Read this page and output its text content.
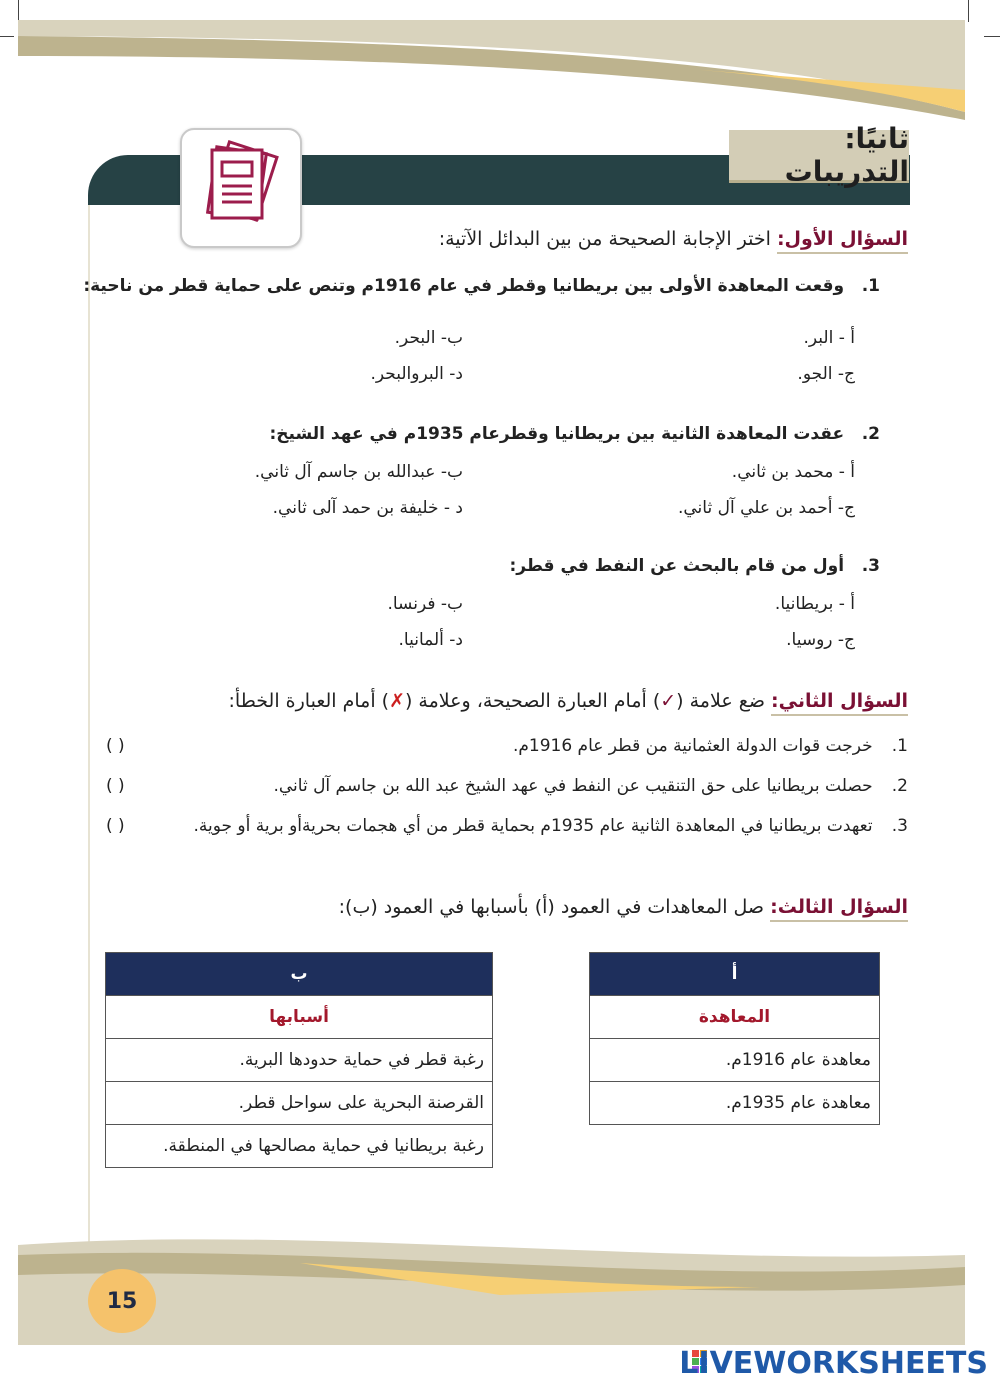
ثانيًا: التدريبات
السؤال الأول: اختر الإجابة الصحيحة من بين البدائل الآتية:
1. وقعت المعاهدة الأولى بين بريطانيا وقطر في عام 1916م وتنص على حماية قطر من ناحية:
أ - البر.
ب- البحر.
ج- الجو.
د- البروالبحر.
2. عقدت المعاهدة الثانية بين بريطانيا وقطرعام 1935م في عهد الشيخ:
أ - محمد بن ثاني.
ب- عبدالله بن جاسم آل ثاني.
ج- أحمد بن علي آل ثاني.
د - خليفة بن حمد آلى ثاني.
3. أول من قام بالبحث عن النفط في قطر:
أ - بريطانيا.
ب- فرنسا.
ج- روسيا.
د- ألمانيا.
السؤال الثاني: ضع علامة (✓) أمام العبارة الصحيحة، وعلامة (✗) أمام العبارة الخطأ:
1. خرجت قوات الدولة العثمانية من قطر عام 1916م.
( )
2. حصلت بريطانيا على حق التنقيب عن النفط في عهد الشيخ عبد الله بن جاسم آل ثاني.
( )
3. تعهدت بريطانيا في المعاهدة الثانية عام 1935م بحماية قطر من أي هجمات بحريةأو برية أو جوية.
( )
السؤال الثالث: صل المعاهدات في العمود (أ) بأسبابها في العمود (ب):
أ
المعاهدة
معاهدة عام 1916م.
معاهدة عام 1935م.
ب
أسبابها
رغبة قطر في حماية حدودها البرية.
القرصنة البحرية على سواحل قطر.
رغبة بريطانيا في حماية مصالحها في المنطقة.
15
LIVEWORKSHEETS
